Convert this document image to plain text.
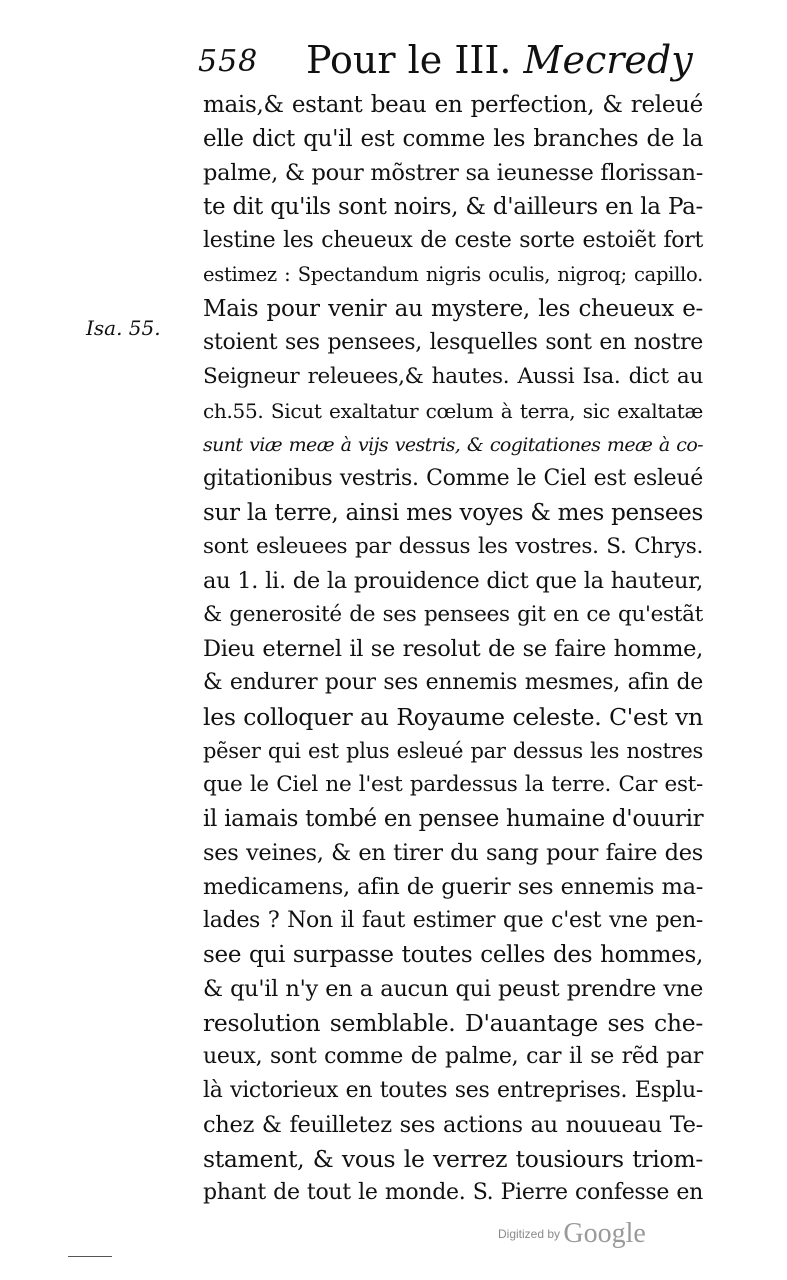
558 Pour le III. Mecredy
Isa. 55.
mais,& estant beau en perfection, & releué
elle dict qu'il est comme les branches de la
palme, & pour mõstrer sa ieunesse florissan-
te dit qu'ils sont noirs, & d'ailleurs en la Pa-
lestine les cheueux de ceste sorte estoiẽt fort
estimez : Spectandum nigris oculis, nigroq; capillo.
Mais pour venir au mystere, les cheueux e-
stoient ses pensees, lesquelles sont en nostre
Seigneur releuees,& hautes. Aussi Isa. dict au
ch.55. Sicut exaltatur cœlum à terra, sic exaltatæ
sunt viæ meæ à vijs vestris, & cogitationes meæ à co-
gitationibus vestris. Comme le Ciel est esleué
sur la terre, ainsi mes voyes & mes pensees
sont esleuees par dessus les vostres. S. Chrys.
au 1. li. de la prouidence dict que la hauteur,
& generosité de ses pensees git en ce qu'estãt
Dieu eternel il se resolut de se faire homme,
& endurer pour ses ennemis mesmes, afin de
les colloquer au Royaume celeste. C'est vn
pẽser qui est plus esleué par dessus les nostres
que le Ciel ne l'est pardessus la terre. Car est-
il iamais tombé en pensee humaine d'ouurir
ses veines, & en tirer du sang pour faire des
medicamens, afin de guerir ses ennemis ma-
lades ? Non il faut estimer que c'est vne pen-
see qui surpasse toutes celles des hommes,
& qu'il n'y en a aucun qui peust prendre vne
resolution semblable. D'auantage ses che-
ueux, sont comme de palme, car il se rẽd par
là victorieux en toutes ses entreprises. Esplu-
chez & feuilletez ses actions au nouueau Te-
stament, & vous le verrez tousiours triom-
phant de tout le monde. S. Pierre confesse en
Digitized by Google
